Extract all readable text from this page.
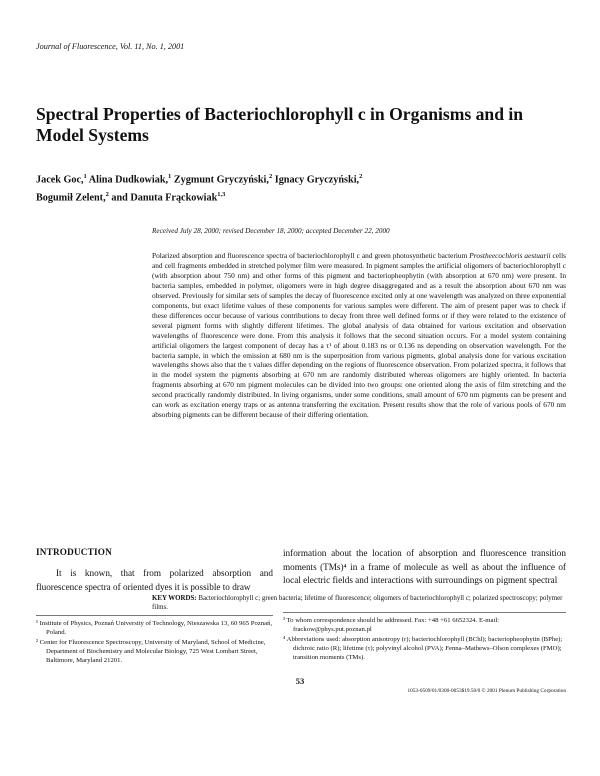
Journal of Fluorescence, Vol. 11, No. 1, 2001
Spectral Properties of Bacteriochlorophyll c in Organisms and in Model Systems
Jacek Goc,$^1$ Alina Dudkowiak,$^1$ Zygmunt Gryczyński,$^2$ Ignacy Gryczyński,$^2$
Bogumił Zelent,$^2$ and Danuta Frąckowiak$^{1,3}$
Received July 28, 2000; revised December 18, 2000; accepted December 22, 2000

Polarized absorption and fluorescence spectra of bacteriochlorophyll c and green photosynthetic bacterium Prostheecochloris aestuarii cells and cell fragments embedded in stretched polymer film were measured. In pigment samples the artificial oligomers of bacteriochlorophyll c (with absorption about 750 nm) and other forms of this pigment and bacteriopheophytin (with absorption at 670 nm) were present. In bacteria samples, embedded in polymer, oligomers were in high degree disaggregated and as a result the absorption about 670 nm was observed. Previously for similar sets of samples the decay of fluorescence excited only at one wavelength was analyzed on three exponential components, but exact lifetime values of these components for various samples were different. The aim of present paper was to check if these differences occur because of various contributions to decay from three well defined forms or if they were related to the existence of several pigment forms with slightly different lifetimes. The global analysis of data obtained for various excitation and observation wavelengths of fluorescence were done. From this analysis it follows that the second situation occurs. For a model system containing artificial oligomers the largest component of decay has a τ¹ of about 0.183 ns or 0.136 ns depending on observation wavelength. For the bacteria sample, in which the emission at 680 nm is the superposition from various pigments, global analysis done for various excitation wavelengths shows also that the τ values differ depending on the regions of fluorescence observation. From polarized spectra, it follows that in the model system the pigments absorbing at 670 nm are randomly distributed whereas oligomers are highly oriented. In bacteria fragments absorbing at 670 nm pigment molecules can be divided into two groups: one oriented along the axis of film stretching and the second practically randomly distributed. In living organisms, under some conditions, small amount of 670 nm pigments can be present and can work as excitation energy traps or as antenna transferring the excitation. Present results show that the role of various pools of 670 nm absorbing pigments can be different because of their differing orientation.

KEY WORDS: Bacteriochlorophyll c; green bacteria; lifetime of fluorescence; oligomers of bacteriochlorophyll c; polarized spectroscopy; polymer films.

INTRODUCTION

It is known, that from polarized absorption and fluorescence spectra of oriented dyes it is possible to draw

information about the location of absorption and fluorescence transition moments (TMs)⁴ in a frame of molecule as well as about the influence of local electric fields and interactions with surroundings on pigment spectral

¹ Institute of Physics, Poznań University of Technology, Nieszawska 13, 60 965 Poznań, Poland.

² Center for Fluorescence Spectroscopy, University of Maryland, School of Medicine, Department of Biochemistry and Molecular Biology, 725 West Lombart Street, Baltimore, Maryland 21201.

³ To whom correspondence should be addressed. Fax: +48 +61 6652324. E-mail: frackow@phys.put.poznan.pl

⁴ Abbreviations used: absorption anisotropy (r); bacteriochlorophyll (BChl); bacteriopheophytin (BPhe); dichroic ratio (R); lifetime (τ); polyvinyl alcohol (PVA); Fenna–Mathews–Olson complexes (FMO); transition moments (TMs).

53
1053-0509/01/0300-0053$19.50/0 © 2001 Plenum Publishing Corporation
